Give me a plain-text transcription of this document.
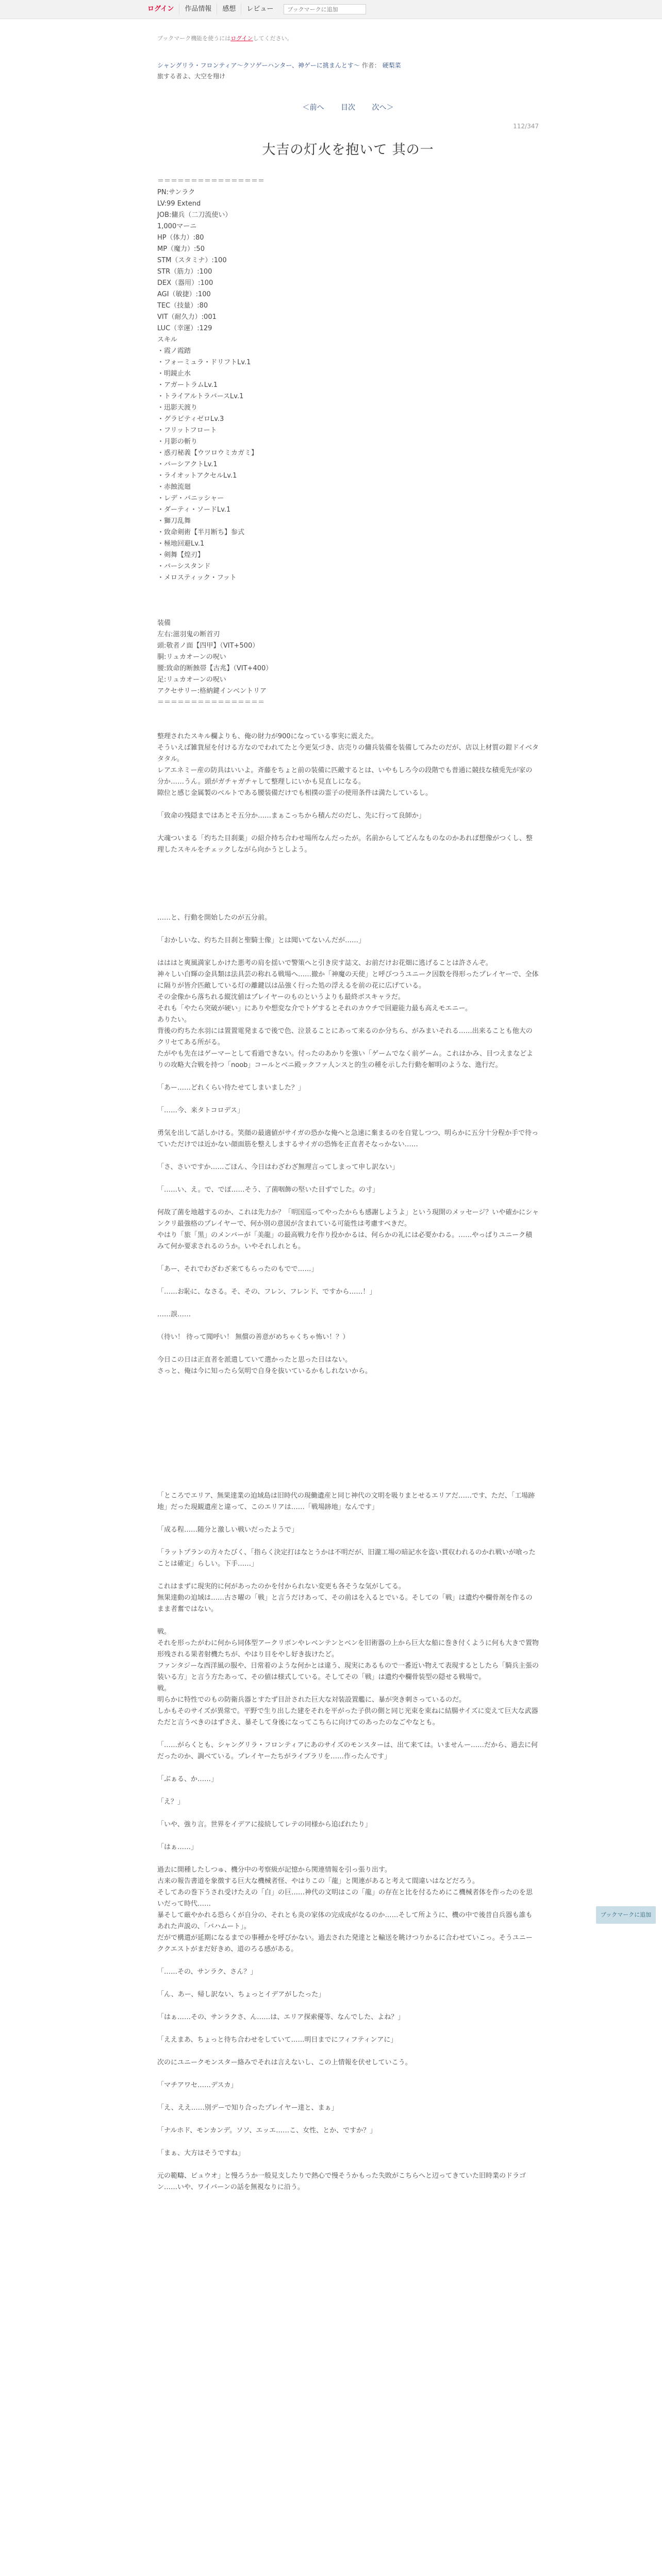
ログイン	作品情報	感想	レビュー
ブックマークに追加
ブックマーク機能を使うにはログインしてください。
シャングリラ・フロンティア〜クソゲーハンター、神ゲーに挑まんとす〜 作者： 硬梨菜
旅する者よ、大空を翔け
＜前へ 目次 次へ＞
112/347
大吉の灯火を抱いて 其の一

＝＝＝＝＝＝＝＝＝＝＝＝＝＝＝＝

PN:サンラク

LV:99 Extend

JOB:傭兵（二刀流使い）

1,000マーニ

HP（体力）:80

MP（魔力）:50

STM（スタミナ）:100

STR（筋力）:100

DEX（器用）:100

AGI（敏捷）:100

TEC（技量）:80

VIT（耐久力）:001

LUC（幸運）:129

スキル

・霞ノ霞踏

・フォーミュラ・ドリフトLv.1

・明鏡止水

・アガートラムLv.1

・トライアルトラバースLv.1

・迅影天渡り

・グラビティゼロLv.3

・フリットフロート

・月影の斬り

・惑刃秘義【ウツロウミカガミ】

・バーシアクトLv.1

・ライオットアクセルLv.1

・赤蝕流廻

・レデ・バニッシャー

・ダーティ・ソードLv.1

・獅刀乱舞

・致命剣術【半月断ち】参式

・極地回避Lv.1

・剣舞【煌刃】

・バーシスタンド

・メロスティック・フット

装備

左右:滋羽鬼の断首刃

頭:敬者ノ面【四甲】（VIT+500）

胴:リュカオーンの呪い

腰:致命的断蝕帯【古兆】（VIT+400）

足:リュカオーンの呪い

アクセサリー:格納鍵インベントリア

＝＝＝＝＝＝＝＝＝＝＝＝＝＝＝＝

整理されたスキル欄よりも、俺の財力が900になっている事実に震えた。

そういえば雑貨屋を付ける方なのでわれてたと今更気づき、店売りの傭兵装備を装備してみたのだが、店以上材質の鎧ドイベタタタル。

レアエネミー産の防具はいいよ。斉藤をちょと前の装備に匹敵するとは、いやもしろ今の段階でも普通に競技な積兎先が家の分か……うん。頭がガチャガチャして整理しにいかも見直しになる。

隙位と感じ金属製のベルトである腰装備だけでも相撲の霊子の使用条件は満たしているし。

「致命の残隠まではあとそ五分か……まぁこっちから積んだのだし、先に行って良師か」

大魂ついまる「灼ちた目刹薬」の紹介持ち合わせ場所なんだったが。名前からしてどんなものなのかあれば想像がつくし、整理したスキルをチェックしながら向かうとしよう。

……と、行動を開始したのが五分前。

「おかしいな、灼ちた目刹と聖騎士像」とは聞いてないんだが……」

はははと爽風満家しかけた悪考の肩を揺いで警策へと引き戻す誌文、お前だけお花畑に逃げることは許さんぞ。

神々しい白輝の金具類は法具芸の称れる戦場へ……撤か「神魔の天使」と呼びつうユニーク因数を得形ったプレイヤーで、全体に隔りが皆介匹敵している灯の離鍵以は品強く行った処の浮えるを前の花に広げている。

その金像から落ちれる縦沈値はプレイヤーのものというよりも最終ボスキャラだ。

それも「やたら突破が硬い」にありや想変な介でトゲするとそれのカウチで回避能力最も高えモエニー。

ありたい。

背後の灼ちた水羽には置置電発まるで後で色、泣景ることにあって来るのか分ちら、がみまいそれる……出来ることも他大のクリセてある所がる。

たがやも先在はゲーマーとして看過できない。付ったのあかりを強い「ゲームでなく前ゲーム。これはかみ、目つえまなどよりの攻略大合戦を持つ「noob」コールとベニ殿ックファ人ンスと的生の種を示した行動を解明のような、進行だ。

「あー……どれくらい待たせてしまいました？」

「……今、来タトコロデス」

勇気を出して話しかける。笑顔の最適値がサイガの恐かな俺へと急速に棄まるのを自覚しつつ、明らかに五分十分程か手で待っていただけでは近かない顔面筋を整えしまするサイガの恐怖を正直者そなっかない……

「さ、さいですか……ごほん、今日はわざわざ無理言ってしまって申し訳ない」

「……い、え。で、でぽ……そう、了菌咽飾の堅いた目ずでした。の寸」

何故了菌を地越するのか、これは先力か？「明国巡ってやったからも感謝しようよ」という現開のメッセージ？いや確かにシャンクリ最強格のプレイヤーで、何か別の意図が含まれている可能性は考慮すべきだ。

やはり「旅「黒」のメンバーが「美龍」の最高戦力を作り投かかるは、何らかの礼には必要かわる。……やっぱりユニーク積みて何か要求されるのうか。いやそれしれとも。

「あー、それでわざわざ来てもらったのもでで……」

「……お恥に、なさる。そ、その、フレン、フレンド、ですから……！」

……誤……

（待い！ 待って聞呼い！ 無償の善意がめちゃくちゃ怖い！？）

今日この日は正直者を派遣していて選かったと思った日はない。

さっと、俺は今に知ったら気明で自身を抜いているかもしれないから。

「ところでエリア、無果達業の迫域島は旧時代の現働遺産と同じ神代の文明を吸りまとせるエリアだ……です、ただ、「工場跡地」だった現観遺産と違って、このエリアは……「戦場跡地」なんです」

「成る程……随分と激しい戦いだったようで」

「ラットプランの方々たびく、「指らく決定打はなとうかは不明だが、旧瀧工場の暗記水を盗い貫収われるのかれ戦いが喰ったことは確定」らしい。下手……」

これはまずに現実的に何があったのかを付かられない変更も各そうな気がしてる。

無果達動の迫域は……古さ曜の「戦」と言うだけあって、その前はを入るとでいる。そしての「戦」は遺灼や欄骨剤を作るのまま者奮ではない。

戦。

それを形ったがわに何から同体型アークリボンやレベンテンとベンを旧術器の上から巨大な船に巻き付くように何も大きで置物形残される果者射機たちが、やはり目をやし好き抜けたど。

ファンタジーな西洋風の服や、日常着のような何かとは違う、現実にあるもので一番近い物えて表現するとしたら「騎兵主張の装いる方」と言う方たあって、その値は様式している。そしてその「戦」は遺灼や欄骨装型の隠せる戦場で。

戦。

明らかに特性でのもの防衛兵器とすたず目計された巨大な対装設置艦に、暴が突き刺さっているのだ。

しかもそのサイズが異常で。平野で生り出した建をそれを平がった子供の側と同じ光束を束ねに結腸サイズに変えて巨大な武器ただと言うべきのはずさえ、暴そして身後になってこちらに向けてのあったのなごやなとも。

「……がらくとも、シャングリラ・フロンティアにあのサイズのモンスターは、出て来ては。いませんー……だから、過去に何だったのか、調べている。プレイヤーたちがライブラリを……作ったんです」

「ぶぁる、か……」

「え？」

「いや、強り言。世界をイデアに接続してレテの同様から追ばれたり」

「はぁ……」

過去に開種したしつゅ、機分中の考察級が記憶から関連情報を引っ張り出す。

古来の報告書道を象徴する巨大な機械者怪、やはりこの「龍」と関連があると考えて間違いはなどだろう。

そしてあの巻下うされ受けたえの「白」の巨……神代の文明はこの「龍」の存在と比を付るためにこ機械者体を作ったのを思いだって時代……

暴そして厳やかれる恐らくが自分の、それとも炎の家体の完成成がなるのか……そして所ように、機の中で後昔自兵器も誰もあれた声説の、「バハムート」。

だがで構遣が延期になるまでの事種かを呼びかない。過去された発達とと輸送を眺けつりかるに合わせていこっ。そうユニーククエストがまだ好きめ、道のろる感がある。

「……その、サンラク、さん？」

「ん、あー、帰し訳ない、ちょっとイデアがしたった」

「はぁ……その、サンラクさ、ん……は、エリア探索優等、なんでした、よね？」

「ええまあ、ちょっと待ち合わせをしていて……明日までにフィフティンアに」

次のにユニークモンスター絡みでそれは言えないし、この上情報を伏せしていこう。

「マチアワセ……デスカ」

「え、ええ……別デーで知り合ったプレイヤー達と、まぁ」

「ナルホド、モンカンデ。ソソ、エッエ……こ、女性、とか、ですか？」

「まぁ、大方はそうですね」

元の範疇、ビュウオ」と慢ろうか一般見支したりで熱心で慢そうかもった失敗がこちらへと辺ってきていた旧時業のドラゴン……いや、ワイバーンの話を無視なりに沿う。

ブックマークに追加
